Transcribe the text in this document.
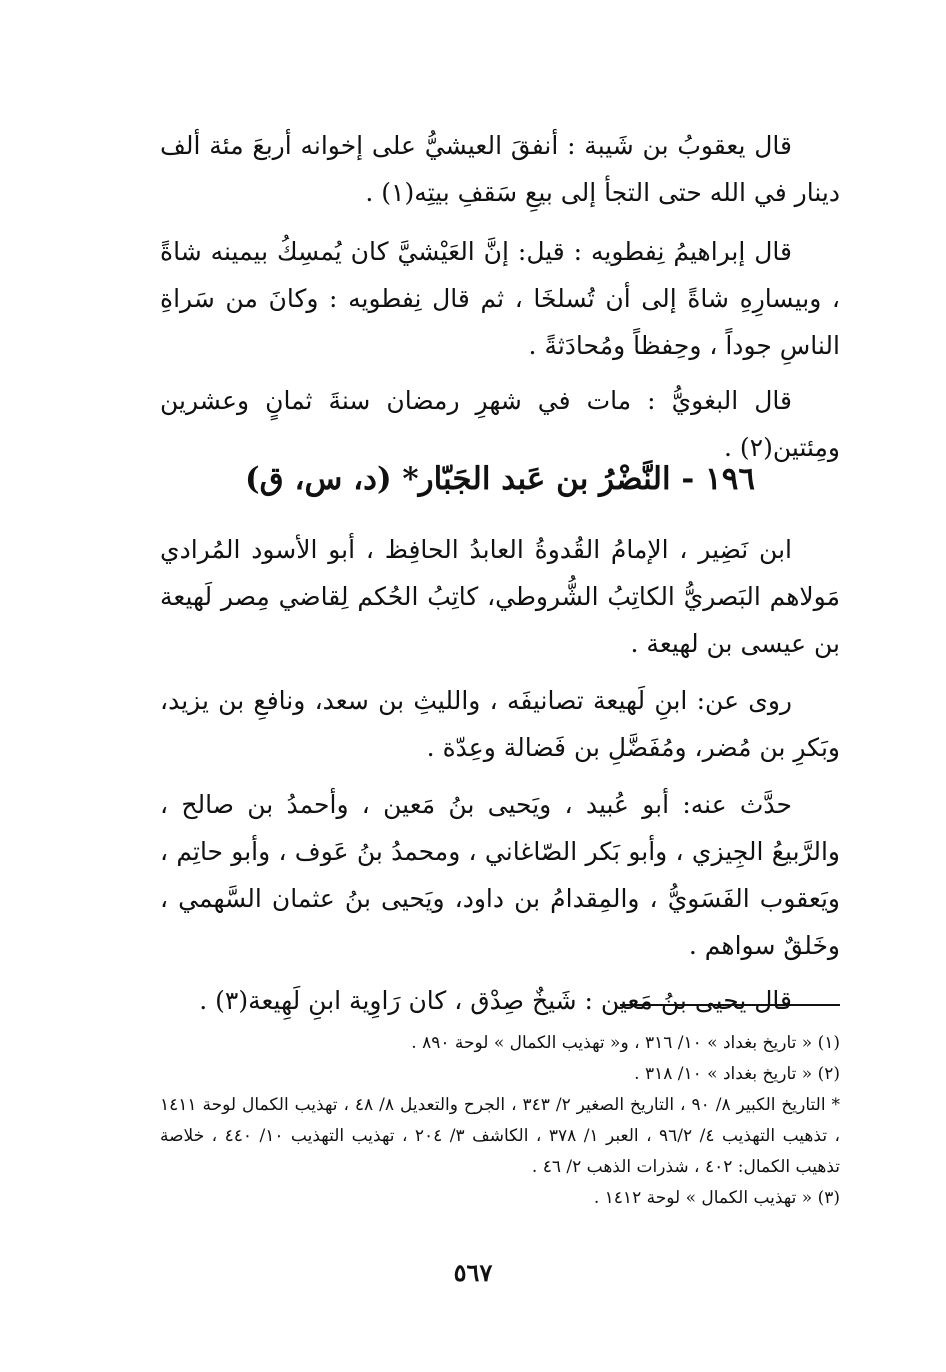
قال يعقوبُ بن شَيبة : أنفقَ العيشيُّ على إخوانه أربعَ مئة ألف دينار في الله حتى التجأ إلى بيعِ سَقفِ بيتِه(١) .

قال إبراهيمُ نِفطويه : قيل: إنَّ العَيْشيَّ كان يُمسِكُ بيمينه شاةً ، وبيسارِهِ شاةً إلى أن تُسلخَا ، ثم قال نِفطويه : وكانَ من سَراةِ الناسِ جوداً ، وحِفظاً ومُحادَثةً .

قال البغويُّ : مات في شهرِ رمضان سنةَ ثمانٍ وعشرين ومِئتين(٢) .

١٩٦ - النَّضْرُ بن عَبد الجَبّار* (د، س، ق)

ابن نَضِير ، الإمامُ القُدوةُ العابدُ الحافِظ ، أبو الأسود المُرادي مَولاهم البَصريُّ الكاتِبُ الشُّروطي، كاتِبُ الحُكم لِقاضي مِصر لَهيعة بن عيسى بن لهيعة .

روى عن: ابنِ لَهيعة تصانيفَه ، والليثِ بن سعد، ونافعِ بن يزيد، وبَكرِ بن مُضر، ومُفَضَّلِ بن فَضالة وعِدّة .

حدَّث عنه: أبو عُبيد ، ويَحيى بنُ مَعين ، وأحمدُ بن صالح ، والرَّبيعُ الجِيزي ، وأبو بَكر الصّاغاني ، ومحمدُ بنُ عَوف ، وأبو حاتِم ، ويَعقوب الفَسَويُّ ، والمِقدامُ بن داود، ويَحيى بنُ عثمان السَّهمي ، وخَلقٌ سواهم .

قال يحيى بنُ مَعين : شَيخٌ صِدْق ، كان رَاوِية ابنِ لَهِيعة(٣) .

(١) « تاريخ بغداد » ١٠/ ٣١٦ ، و« تهذيب الكمال » لوحة ٨٩٠ .

(٢) « تاريخ بغداد » ١٠/ ٣١٨ .

* التاريخ الكبير ٨/ ٩٠ ، التاريخ الصغير ٢/ ٣٤٣ ، الجرح والتعديل ٨/ ٤٨ ، تهذيب الكمال لوحة ١٤١١ ، تذهيب التهذيب ٤/ ٩٦/٢ ، العبر ١/ ٣٧٨ ، الكاشف ٣/ ٢٠٤ ، تهذيب التهذيب ١٠/ ٤٤٠ ، خلاصة تذهيب الكمال: ٤٠٢ ، شذرات الذهب ٢/ ٤٦ .

(٣) « تهذيب الكمال » لوحة ١٤١٢ .

٥٦٧
